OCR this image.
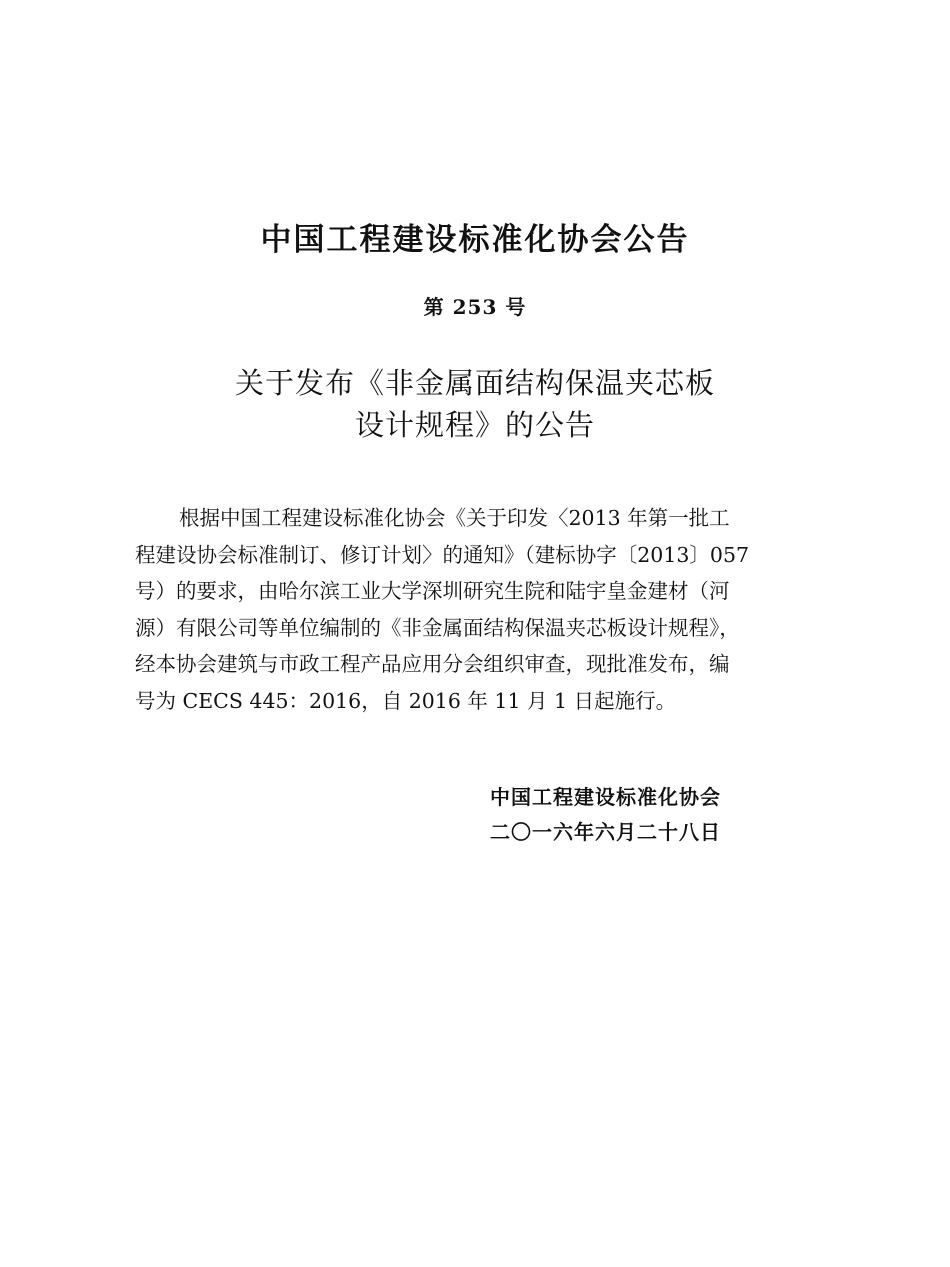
中国工程建设标准化协会公告
第 253 号
关于发布《非金属面结构保温夹芯板
设计规程》的公告
根据中国工程建设标准化协会《关于印发〈2013 年第一批工
程建设协会标准制订、修订计划〉的通知》（建标协字〔2013〕057
号）的要求，由哈尔滨工业大学深圳研究生院和陆宇皇金建材（河
源）有限公司等单位编制的《非金属面结构保温夹芯板设计规程》，
经本协会建筑与市政工程产品应用分会组织审查，现批准发布，编
号为 CECS 445：2016，自 2016 年 11 月 1 日起施行。
中国工程建设标准化协会
二〇一六年六月二十八日
